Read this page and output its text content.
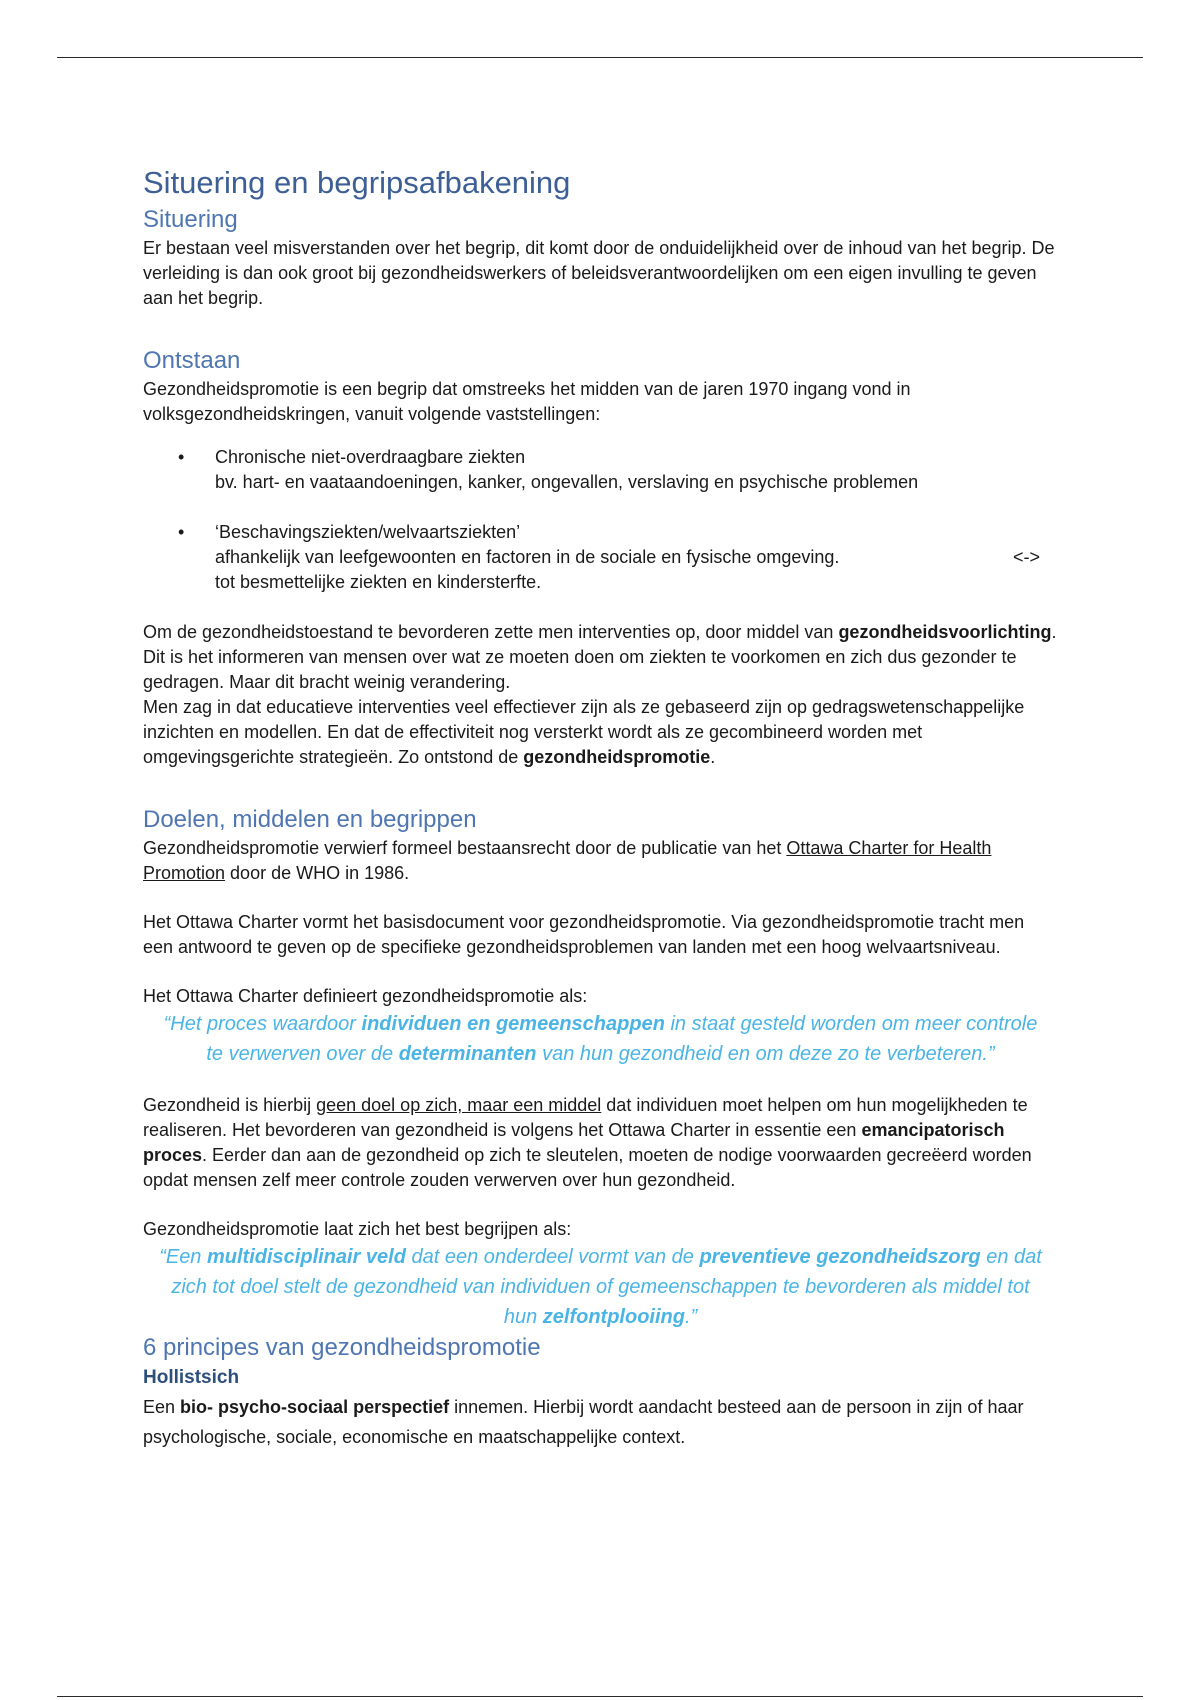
Situering en begripsafbakening
Situering

Er bestaan veel misverstanden over het begrip, dit komt door de onduidelijkheid over de inhoud van het begrip. De verleiding is dan ook groot bij gezondheidswerkers of beleidsverantwoordelijken om een eigen invulling te geven aan het begrip.

Ontstaan

Gezondheidspromotie is een begrip dat omstreeks het midden van de jaren 1970 ingang vond in volksgezondheidskringen, vanuit volgende vaststellingen:

• Chronische niet-overdraagbare ziekten
bv. hart- en vaataandoeningen, kanker, ongevallen, verslaving en psychische problemen
• ‘Beschavingsziekten/welvaartsziekten’
afhankelijk van leefgewoonten en factoren in de sociale en fysische omgeving.	<->
tot besmettelijke ziekten en kindersterfte.

Om de gezondheidstoestand te bevorderen zette men interventies op, door middel van gezondheidsvoorlichting. Dit is het informeren van mensen over wat ze moeten doen om ziekten te voorkomen en zich dus gezonder te gedragen. Maar dit bracht weinig verandering.

Men zag in dat educatieve interventies veel effectiever zijn als ze gebaseerd zijn op gedragswetenschappelijke inzichten en modellen. En dat de effectiviteit nog versterkt wordt als ze gecombineerd worden met omgevingsgerichte strategieën. Zo ontstond de gezondheidspromotie.

Doelen, middelen en begrippen

Gezondheidspromotie verwierf formeel bestaansrecht door de publicatie van het Ottawa Charter for Health Promotion door de WHO in 1986.

Het Ottawa Charter vormt het basisdocument voor gezondheidspromotie. Via gezondheidspromotie tracht men een antwoord te geven op de specifieke gezondheidsproblemen van landen met een hoog welvaartsniveau.

Het Ottawa Charter definieert gezondheidspromotie als:

“Het proces waardoor individuen en gemeenschappen in staat gesteld worden om meer controle te verwerven over de determinanten van hun gezondheid en om deze zo te verbeteren.”

Gezondheid is hierbij geen doel op zich, maar een middel dat individuen moet helpen om hun mogelijkheden te realiseren. Het bevorderen van gezondheid is volgens het Ottawa Charter in essentie een emancipatorisch proces. Eerder dan aan de gezondheid op zich te sleutelen, moeten de nodige voorwaarden gecreëerd worden opdat mensen zelf meer controle zouden verwerven over hun gezondheid.

Gezondheidspromotie laat zich het best begrijpen als:

“Een multidisciplinair veld dat een onderdeel vormt van de preventieve gezondheidszorg en dat zich tot doel stelt de gezondheid van individuen of gemeenschappen te bevorderen als middel tot hun zelfontplooiing.”
6 principes van gezondheidspromotie
Hollistsich

Een bio- psycho-sociaal perspectief innemen. Hierbij wordt aandacht besteed aan de persoon in zijn of haar psychologische, sociale, economische en maatschappelijke context.
